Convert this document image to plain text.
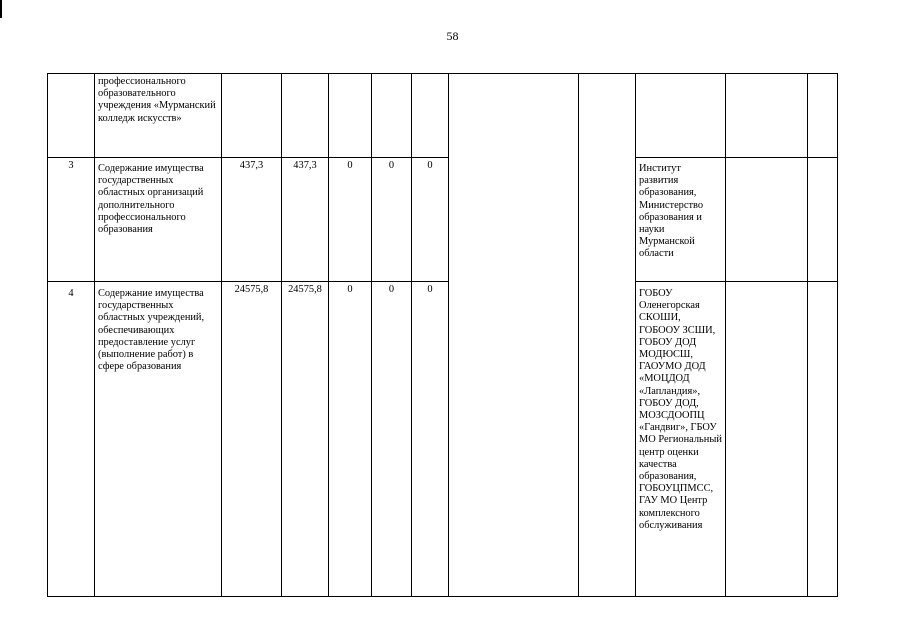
58
	профессионального образовательного учреждения «Мурманский колледж искусств»										
3	Содержание имущества государственных областных организаций дополнительного профессионального образования	437,3	437,3	0	0	0			Институт развития образования, Министерство образования и науки Мурманской области		
4	Содержание имущества государственных областных учреждений, обеспечивающих предоставление услуг (выполнение работ) в сфере образования	24575,8	24575,8	0	0	0			ГОБОУ Оленегорская СКОШИ, ГОБООУ ЗСШИ, ГОБОУ ДОД МОДЮСШ, ГАОУМО ДОД «МОЦДОД «Лапландия», ГОБОУ ДОД, МОЗСДООПЦ «Гандвиг», ГБОУ МО Региональный центр оценки качества образования, ГОБОУЦПМСС, ГАУ МО Центр комплексного обслуживания		
